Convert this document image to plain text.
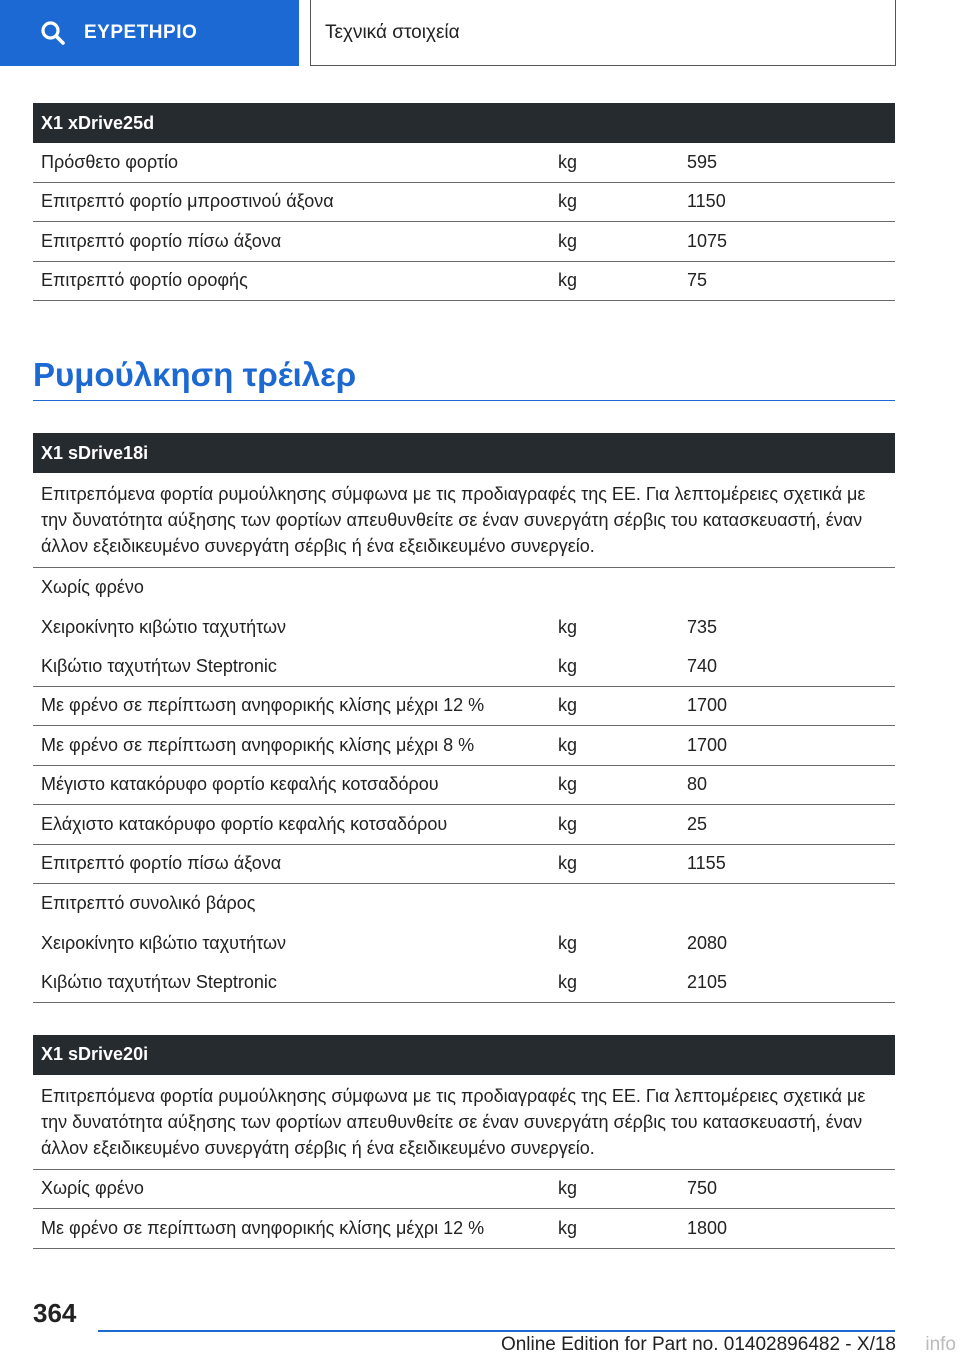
ΕΥΡΕΤΗΡΙΟ	Τεχνικά στοιχεία
X1 xDrive25d
Πρόσθετο φορτίο	kg	595
Επιτρεπτό φορτίο μπροστινού άξονα	kg	1150
Επιτρεπτό φορτίο πίσω άξονα	kg	1075
Επιτρεπτό φορτίο οροφής	kg	75
Ρυμούλκηση τρέιλερ
X1 sDrive18i
Επιτρεπόμενα φορτία ρυμούλκησης σύμφωνα με τις προδιαγραφές της ΕΕ. Για λεπτομέρειες σχετικά με την δυνατότητα αύξησης των φορτίων απευθυνθείτε σε έναν συνεργάτη σέρβις του κατασκευαστή, έναν άλλον εξειδικευμένο συνεργάτη σέρβις ή ένα εξειδικευμένο συνεργείο.
Χωρίς φρένο
Χειροκίνητο κιβώτιο ταχυτήτων	kg	735
Κιβώτιο ταχυτήτων Steptronic	kg	740
Με φρένο σε περίπτωση ανηφορικής κλίσης μέχρι 12 %	kg	1700
Με φρένο σε περίπτωση ανηφορικής κλίσης μέχρι 8 %	kg	1700
Μέγιστο κατακόρυφο φορτίο κεφαλής κοτσαδόρου	kg	80
Ελάχιστο κατακόρυφο φορτίο κεφαλής κοτσαδόρου	kg	25
Επιτρεπτό φορτίο πίσω άξονα	kg	1155
Επιτρεπτό συνολικό βάρος
Χειροκίνητο κιβώτιο ταχυτήτων	kg	2080
Κιβώτιο ταχυτήτων Steptronic	kg	2105
X1 sDrive20i
Επιτρεπόμενα φορτία ρυμούλκησης σύμφωνα με τις προδιαγραφές της ΕΕ. Για λεπτομέρειες σχετικά με την δυνατότητα αύξησης των φορτίων απευθυνθείτε σε έναν συνεργάτη σέρβις του κατασκευαστή, έναν άλλον εξειδικευμένο συνεργάτη σέρβις ή ένα εξειδικευμένο συνεργείο.
Χωρίς φρένο	kg	750
Με φρένο σε περίπτωση ανηφορικής κλίσης μέχρι 12 %	kg	1800
364
Online Edition for Part no. 01402896482 - X/18 info
